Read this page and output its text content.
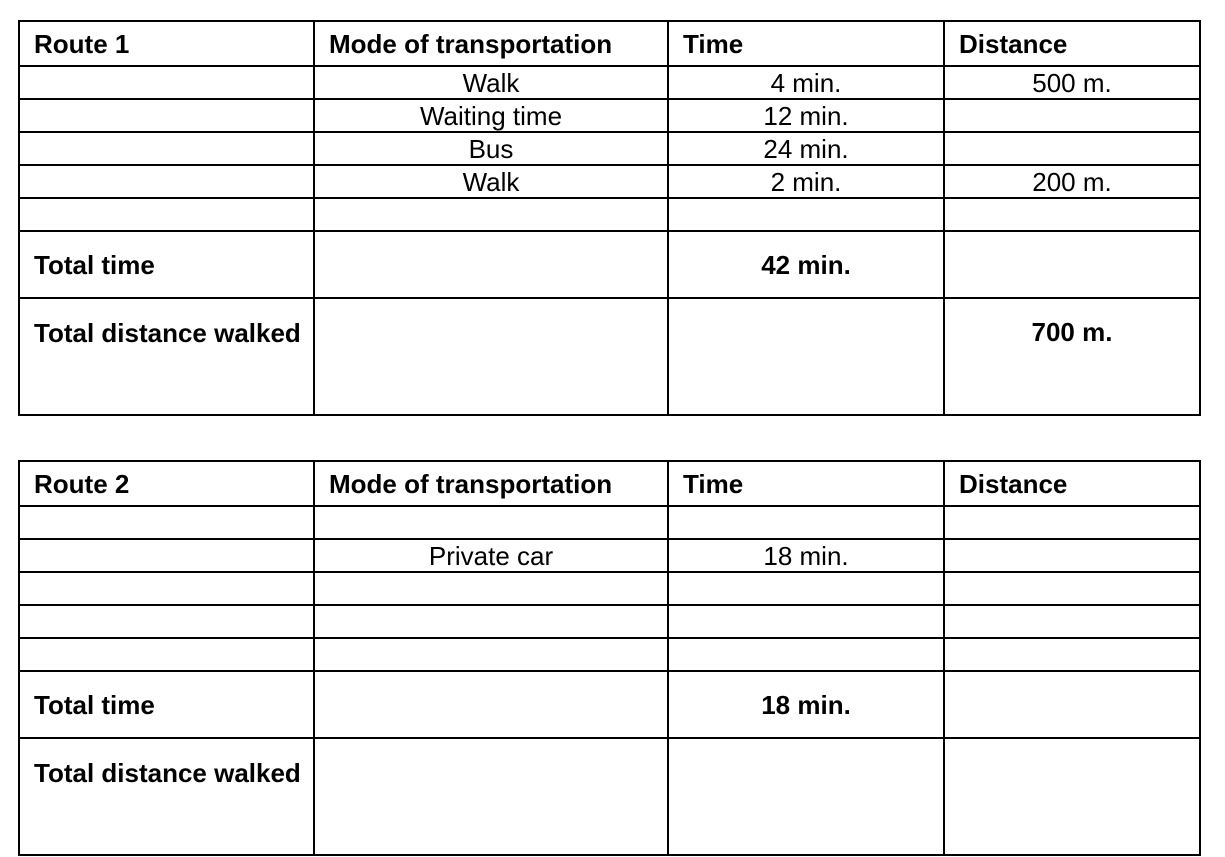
Route 1	Mode of transportation	Time	Distance
	Walk	4 min.	500 m.
	Waiting time	12 min.	
	Bus	24 min.	
	Walk	2 min.	200 m.

Total time		42 min.	
Total distance walked			700 m.
Route 2	Mode of transportation	Time	Distance

	Private car	18 min.	

Total time		18 min.	
Total distance walked			
